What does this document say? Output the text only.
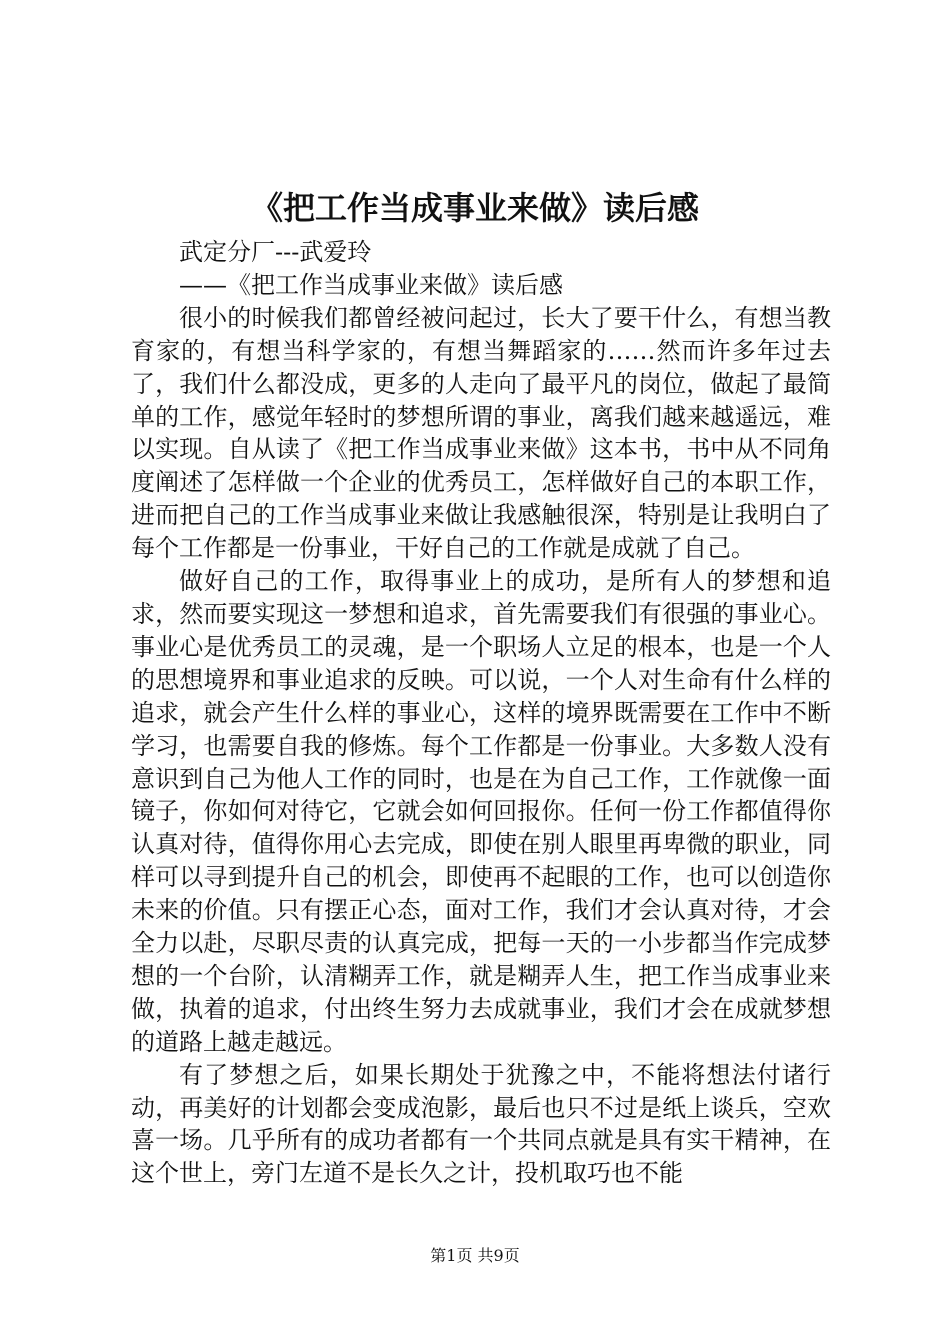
《把工作当成事业来做》读后感

武定分厂---武爱玲

——《把工作当成事业来做》读后感

很小的时候我们都曾经被问起过，长大了要干什么，有想当教育家的，有想当科学家的，有想当舞蹈家的……然而许多年过去了，我们什么都没成，更多的人走向了最平凡的岗位，做起了最简单的工作，感觉年轻时的梦想所谓的事业，离我们越来越遥远，难以实现。自从读了《把工作当成事业来做》这本书，书中从不同角度阐述了怎样做一个企业的优秀员工，怎样做好自己的本职工作，进而把自己的工作当成事业来做让我感触很深，特别是让我明白了每个工作都是一份事业，干好自己的工作就是成就了自己。

做好自己的工作，取得事业上的成功，是所有人的梦想和追求，然而要实现这一梦想和追求，首先需要我们有很强的事业心。事业心是优秀员工的灵魂，是一个职场人立足的根本，也是一个人的思想境界和事业追求的反映。可以说，一个人对生命有什么样的追求，就会产生什么样的事业心，这样的境界既需要在工作中不断学习，也需要自我的修炼。每个工作都是一份事业。大多数人没有意识到自己为他人工作的同时，也是在为自己工作，工作就像一面镜子，你如何对待它，它就会如何回报你。任何一份工作都值得你认真对待，值得你用心去完成，即使在别人眼里再卑微的职业，同样可以寻到提升自己的机会，即使再不起眼的工作，也可以创造你未来的价值。只有摆正心态，面对工作，我们才会认真对待，才会全力以赴，尽职尽责的认真完成，把每一天的一小步都当作完成梦想的一个台阶，认清糊弄工作，就是糊弄人生，把工作当成事业来做，执着的追求，付出终生努力去成就事业，我们才会在成就梦想的道路上越走越远。

有了梦想之后，如果长期处于犹豫之中，不能将想法付诸行动，再美好的计划都会变成泡影，最后也只不过是纸上谈兵，空欢喜一场。几乎所有的成功者都有一个共同点就是具有实干精神，在这个世上，旁门左道不是长久之计，投机取巧也不能

第1页 共9页
